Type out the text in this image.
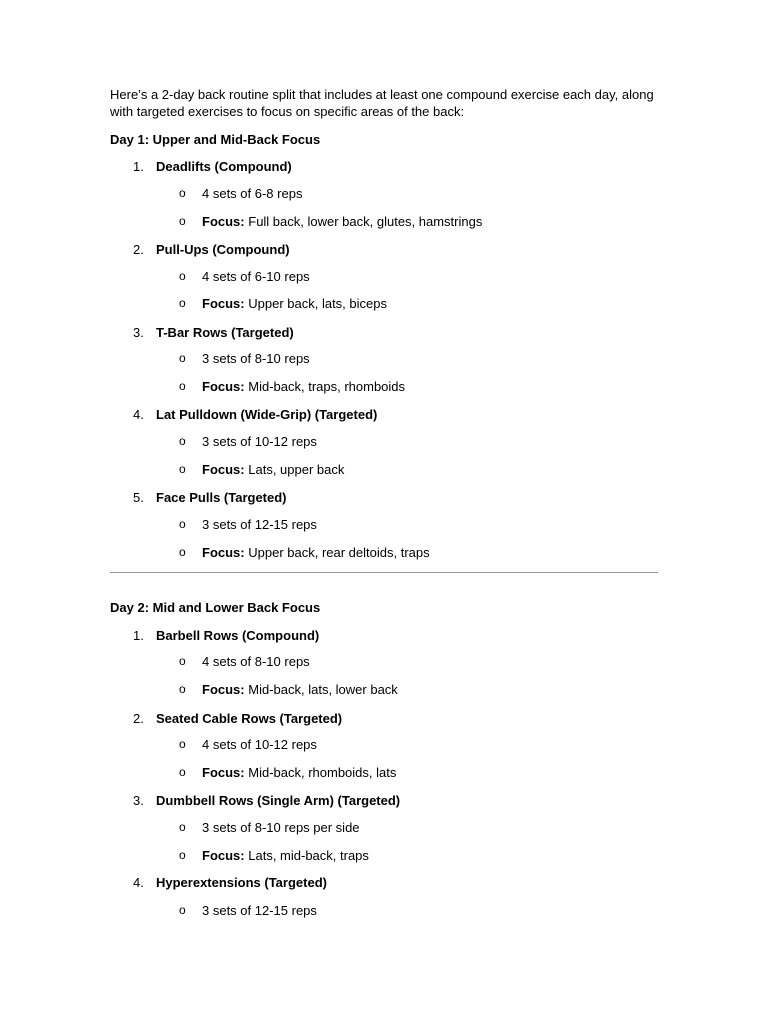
Here’s a 2-day back routine split that includes at least one compound exercise each day, along with targeted exercises to focus on specific areas of the back:

Day 1: Upper and Mid-Back Focus

1. Deadlifts (Compound)
o 4 sets of 6-8 reps
o Focus: Full back, lower back, glutes, hamstrings
2. Pull-Ups (Compound)
o 4 sets of 6-10 reps
o Focus: Upper back, lats, biceps
3. T-Bar Rows (Targeted)
o 3 sets of 8-10 reps
o Focus: Mid-back, traps, rhomboids
4. Lat Pulldown (Wide-Grip) (Targeted)
o 3 sets of 10-12 reps
o Focus: Lats, upper back
5. Face Pulls (Targeted)
o 3 sets of 12-15 reps
o Focus: Upper back, rear deltoids, traps

Day 2: Mid and Lower Back Focus

1. Barbell Rows (Compound)
o 4 sets of 8-10 reps
o Focus: Mid-back, lats, lower back
2. Seated Cable Rows (Targeted)
o 4 sets of 10-12 reps
o Focus: Mid-back, rhomboids, lats
3. Dumbbell Rows (Single Arm) (Targeted)
o 3 sets of 8-10 reps per side
o Focus: Lats, mid-back, traps
4. Hyperextensions (Targeted)
o 3 sets of 12-15 reps
